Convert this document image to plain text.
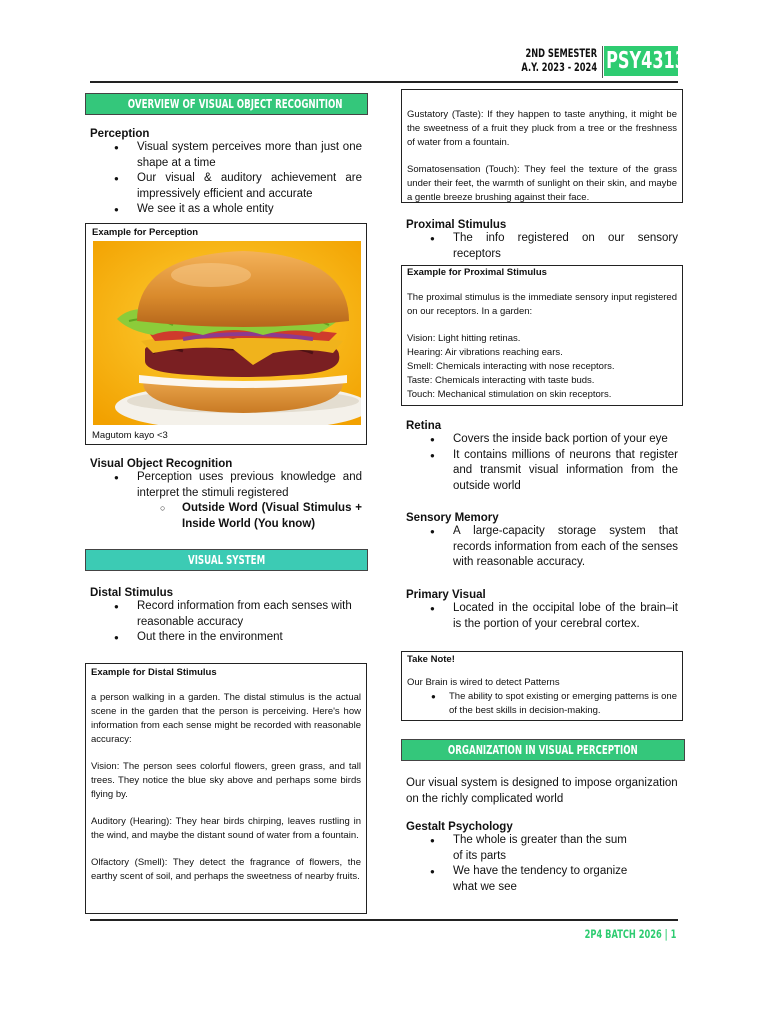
2ND SEMESTER
A.Y. 2023 - 2024 PSY4313
OVERVIEW OF VISUAL OBJECT RECOGNITION
Perception
● Visual system perceives more than just one shape at a time
● Our visual & auditory achievement are impressively efficient and accurate
● We see it as a whole entity
Example for Perception
Magutom kayo <3
Visual Object Recognition
● Perception uses previous knowledge and interpret the stimuli registered
○ Outside Word (Visual Stimulus + Inside World (You know)
VISUAL SYSTEM
Distal Stimulus
● Record information from each senses with reasonable accuracy
● Out there in the environment
Example for Distal Stimulus
a person walking in a garden. The distal stimulus is the actual scene in the garden that the person is perceiving. Here's how information from each sense might be recorded with reasonable accuracy:
Vision: The person sees colorful flowers, green grass, and tall trees. They notice the blue sky above and perhaps some birds flying by.
Auditory (Hearing): They hear birds chirping, leaves rustling in the wind, and maybe the distant sound of water from a fountain.
Olfactory (Smell): They detect the fragrance of flowers, the earthy scent of soil, and perhaps the sweetness of nearby fruits.
Gustatory (Taste): If they happen to taste anything, it might be the sweetness of a fruit they pluck from a tree or the freshness of water from a fountain.
Somatosensation (Touch): They feel the texture of the grass under their feet, the warmth of sunlight on their skin, and maybe a gentle breeze brushing against their face.
Proximal Stimulus
● The info registered on our sensory receptors
Example for Proximal Stimulus
The proximal stimulus is the immediate sensory input registered on our receptors. In a garden:
Vision: Light hitting retinas.
Hearing: Air vibrations reaching ears.
Smell: Chemicals interacting with nose receptors.
Taste: Chemicals interacting with taste buds.
Touch: Mechanical stimulation on skin receptors.
Retina
● Covers the inside back portion of your eye
● It contains millions of neurons that register and transmit visual information from the outside world
Sensory Memory
● A large-capacity storage system that records information from each of the senses with reasonable accuracy.
Primary Visual
● Located in the occipital lobe of the brain–it is the portion of your cerebral cortex.
Take Note!
Our Brain is wired to detect Patterns
● The ability to spot existing or emerging patterns is one of the best skills in decision-making.
ORGANIZATION IN VISUAL PERCEPTION
Our visual system is designed to impose organization on the richly complicated world
Gestalt Psychology
● The whole is greater than the sum of its parts
● We have the tendency to organize what we see
2P4 BATCH 2026 | 1
